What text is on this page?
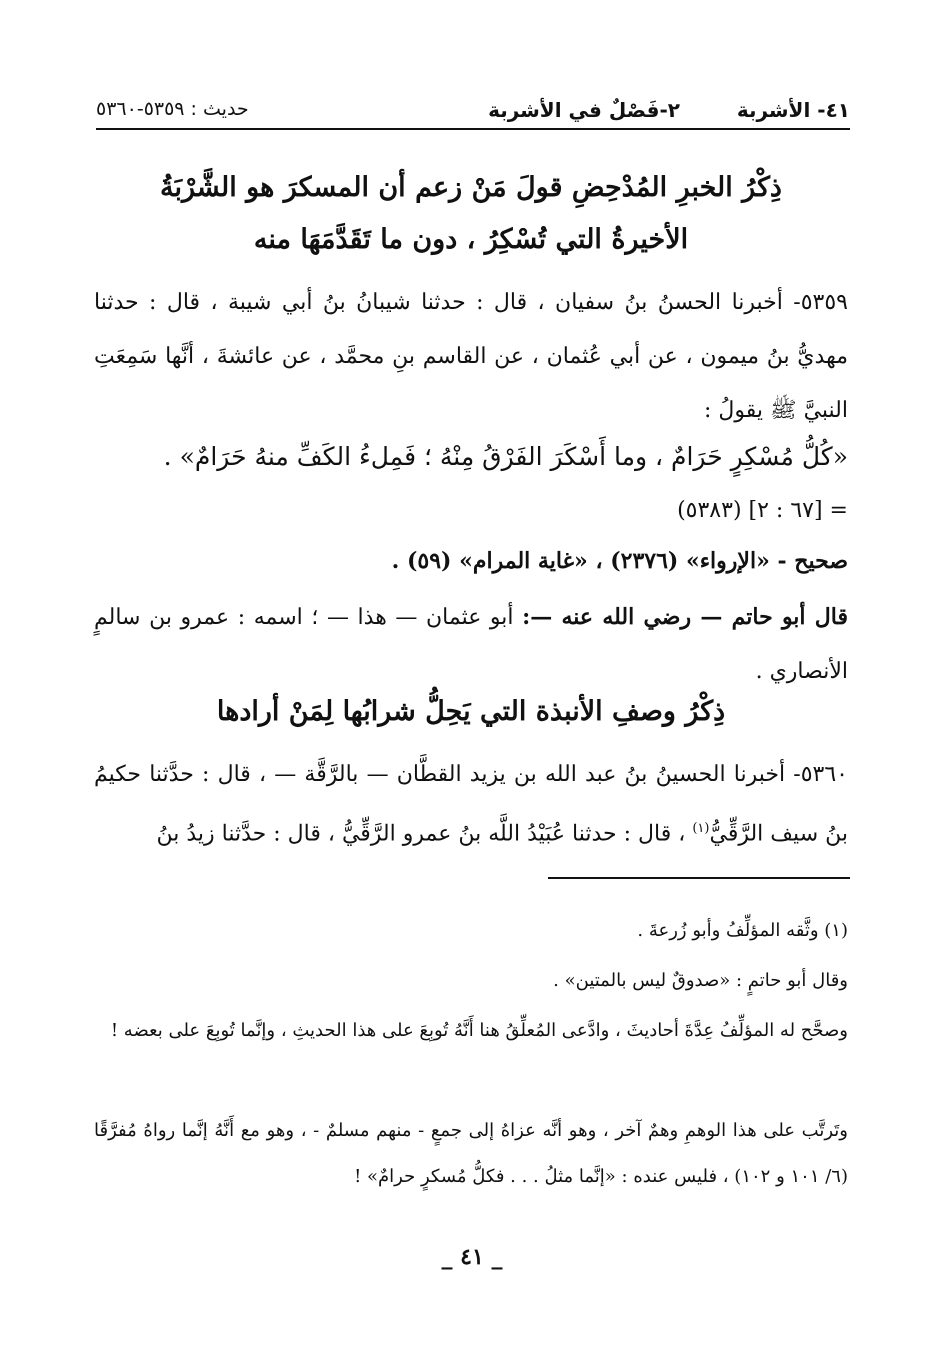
٤١- الأشربة
٢-فَصْلٌ في الأشربة
حديث : ٥٣٥٩-٥٣٦٠
ذِكْرُ الخبرِ المُدْحِضِ قولَ مَنْ زعم أن المسكرَ هو الشَّرْبَةُ
الأخيرةُ التي تُسْكِرُ ، دون ما تَقَدَّمَهَا منه
٥٣٥٩- أخبرنا الحسنُ بنُ سفيان ، قال : حدثنا شيبانُ بنُ أبي شيبة ، قال : حدثنا مهديُّ بنُ ميمون ، عن أبي عُثمان ، عن القاسم بنِ محمَّد ، عن عائشةَ ، أنَّها سَمِعَتِ النبيَّ ﷺ يقولُ :
«كُلُّ مُسْكِرٍ حَرَامٌ ، وما أَسْكَرَ الفَرْقُ مِنْهُ ؛ فَمِلءُ الكَفِّ منهُ حَرَامٌ» .
= [٦٧ : ٢] (٥٣٨٣)
صحيح - «الإرواء» (٢٣٧٦) ، «غاية المرام» (٥٩) .
قال أبو حاتم — رضي الله عنه —: أبو عثمان — هذا — ؛ اسمه : عمرو بن سالمٍ الأنصاري .
ذِكْرُ وصفِ الأنبذة التي يَحِلُّ شرابُها لِمَنْ أرادها
٥٣٦٠- أخبرنا الحسينُ بنُ عبد الله بن يزيد القطَّان — بالرَّقَّة — ، قال : حدَّثنا حكيمُ بنُ سيف الرَّقِّيُّ$^{(١)}$ ، قال : حدثنا عُبَيْدُ اللَّه بنُ عمرو الرَّقِّيُّ ، قال : حدَّثنا زيدُ بنُ
(١) وثَّقه المؤلِّفُ وأبو زُرعةَ .
وقال أبو حاتمٍ : «صدوقٌ ليس بالمتين» .
وصحَّح له المؤلِّفُ عِدَّةَ أحاديثَ ، وادَّعى المُعلِّقُ هنا أَنَّهُ تُوبِعَ على هذا الحديثِ ، وإنَّما تُوبِعَ على بعضه !
وتَرتَّب على هذا الوهمِ وهمٌ آخر ، وهو أنَّه عزاهُ إلى جمعٍ - منهم مسلمٌ - ، وهو مع أَنَّهُ إنَّما رواهُ مُفرَّقًا (٦/ ١٠١ و ١٠٢) ، فليس عنده : «إنَّما مثلُ . . . فكلُّ مُسكرٍ حرامٌ» !
_ ٤١ _
